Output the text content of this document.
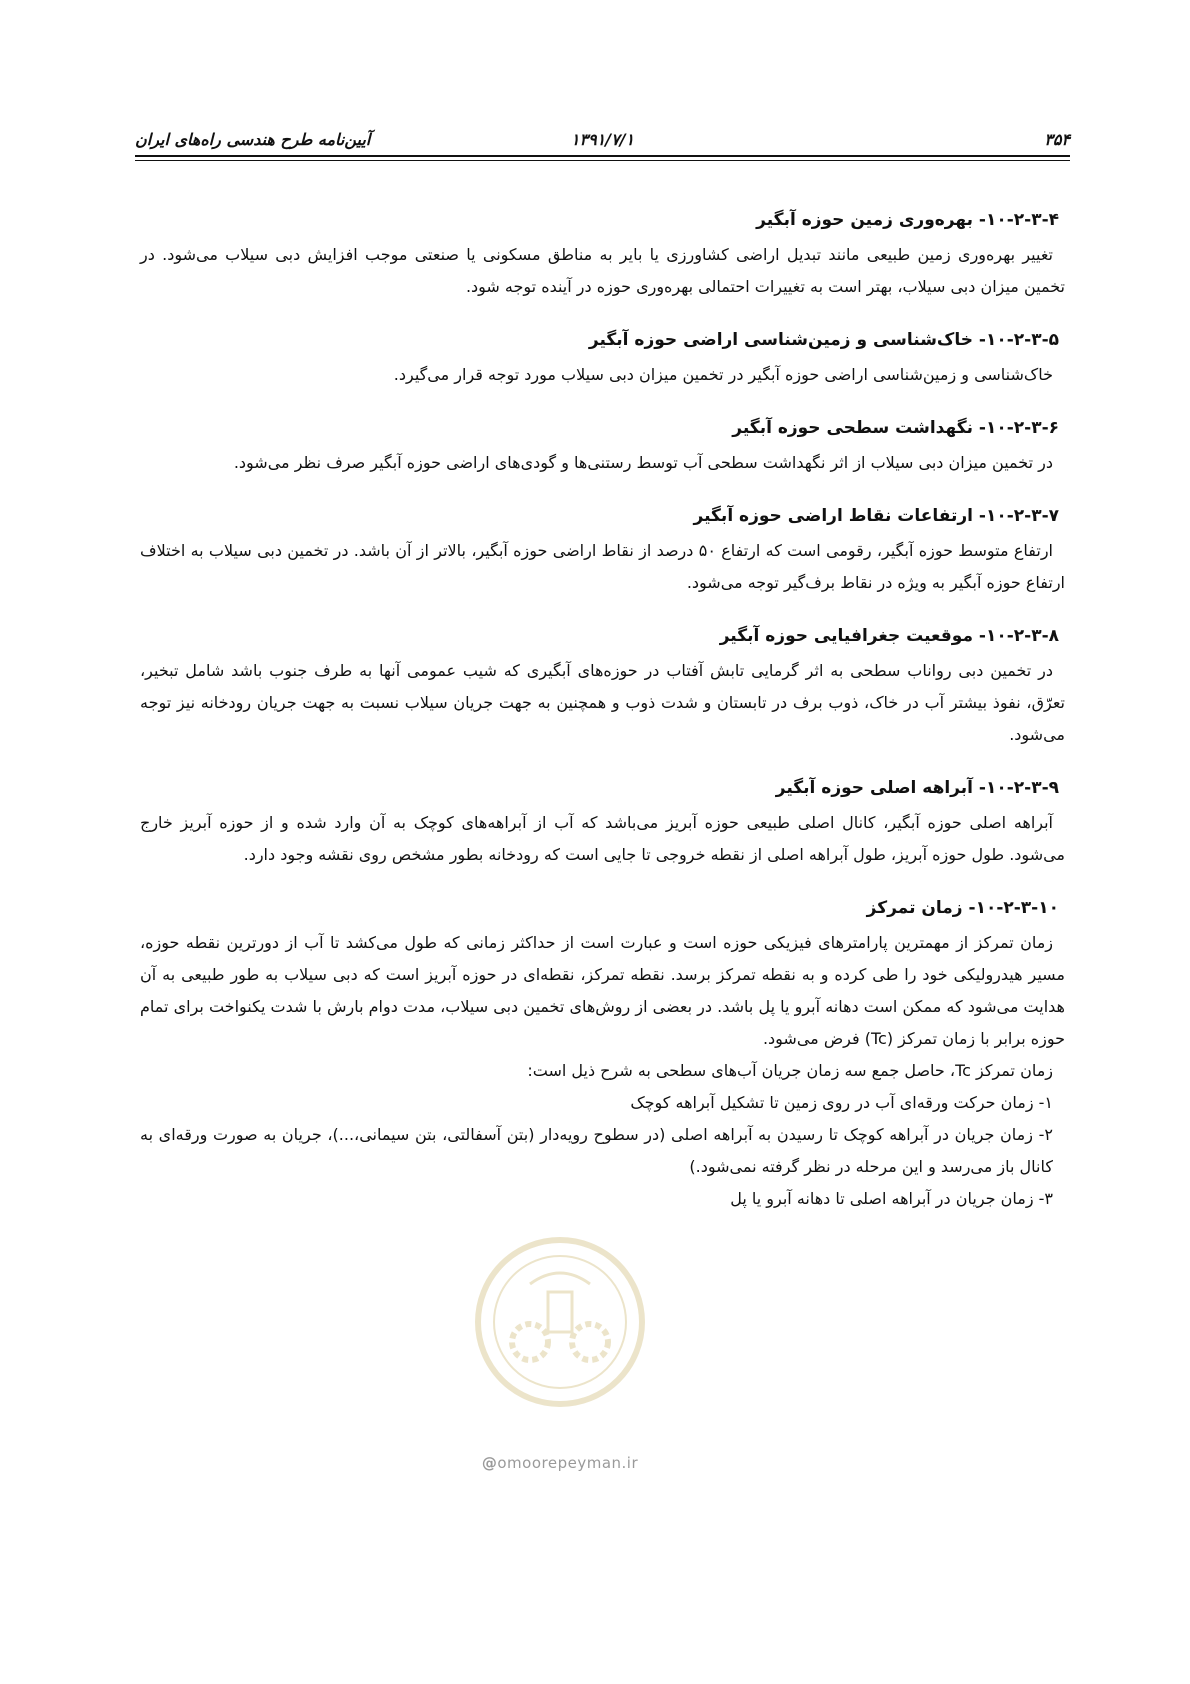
۳۵۴
۱۳۹۱/۷/۱
آیین‌نامه طرح هندسی راه‌های ایران
۱۰-۲-۳-۴- بهره‌وری زمین حوزه آبگیر

تغییر بهره‌وری زمین طبیعی مانند تبدیل اراضی کشاورزی یا بایر به مناطق مسکونی یا صنعتی موجب افزایش دبی سیلاب می‌شود. در تخمین میزان دبی سیلاب، بهتر است به تغییرات احتمالی بهره‌وری حوزه در آینده توجه شود.

۱۰-۲-۳-۵- خاک‌شناسی و زمین‌شناسی اراضی حوزه آبگیر

خاک‌شناسی و زمین‌شناسی اراضی حوزه آبگیر در تخمین میزان دبی سیلاب مورد توجه قرار می‌گیرد.

۱۰-۲-۳-۶- نگهداشت سطحی حوزه آبگیر

در تخمین میزان دبی سیلاب از اثر نگهداشت سطحی آب توسط رستنی‌ها و گودی‌های اراضی حوزه آبگیر صرف نظر می‌شود.

۱۰-۲-۳-۷- ارتفاعات نقاط اراضی حوزه آبگیر

ارتفاع متوسط حوزه آبگیر، رقومی است که ارتفاع ۵۰ درصد از نقاط اراضی حوزه آبگیر، بالاتر از آن باشد. در تخمین دبی سیلاب به اختلاف ارتفاع حوزه آبگیر به ویژه در نقاط برف‌گیر توجه می‌شود.

۱۰-۲-۳-۸- موقعیت جغرافیایی حوزه آبگیر

در تخمین دبی رواناب سطحی به اثر گرمایی تابش آفتاب در حوزه‌های آبگیری که شیب عمومی آنها به طرف جنوب باشد شامل تبخیر، تعرّق، نفوذ بیشتر آب در خاک، ذوب برف در تابستان و شدت ذوب و همچنین به جهت جریان سیلاب نسبت به جهت جریان رودخانه نیز توجه می‌شود.

۱۰-۲-۳-۹- آبراهه اصلی حوزه آبگیر

آبراهه اصلی حوزه آبگیر، کانال اصلی طبیعی حوزه آبریز می‌باشد که آب از آبراهه‌های کوچک به آن وارد شده و از حوزه آبریز خارج می‌شود. طول حوزه آبریز، طول آبراهه اصلی از نقطه خروجی تا جایی است که رودخانه بطور مشخص روی نقشه وجود دارد.

۱۰-۲-۳-۱۰- زمان تمرکز

زمان تمرکز از مهمترین پارامترهای فیزیکی حوزه است و عبارت است از حداکثر زمانی که طول می‌کشد تا آب از دورترین نقطه حوزه، مسیر هیدرولیکی خود را طی کرده و به نقطه تمرکز برسد. نقطه تمرکز، نقطه‌ای در حوزه آبریز است که دبی سیلاب به طور طبیعی به آن هدایت می‌شود که ممکن است دهانه آبرو یا پل باشد. در بعضی از روش‌های تخمین دبی سیلاب، مدت دوام بارش با شدت یکنواخت برای تمام حوزه برابر با زمان تمرکز (Tc) فرض می‌شود.

زمان تمرکز Tc، حاصل جمع سه زمان جریان آب‌های سطحی به شرح ذیل است:

۱- زمان حرکت ورقه‌ای آب در روی زمین تا تشکیل آبراهه کوچک

۲- زمان جریان در آبراهه کوچک تا رسیدن به آبراهه اصلی (در سطوح رویه‌دار (بتن آسفالتی، بتن سیمانی،...)، جریان به صورت ورقه‌ای به کانال باز می‌رسد و این مرحله در نظر گرفته نمی‌شود.)

۳- زمان جریان در آبراهه اصلی تا دهانه آبرو یا پل

@omoorepeyman.ir
